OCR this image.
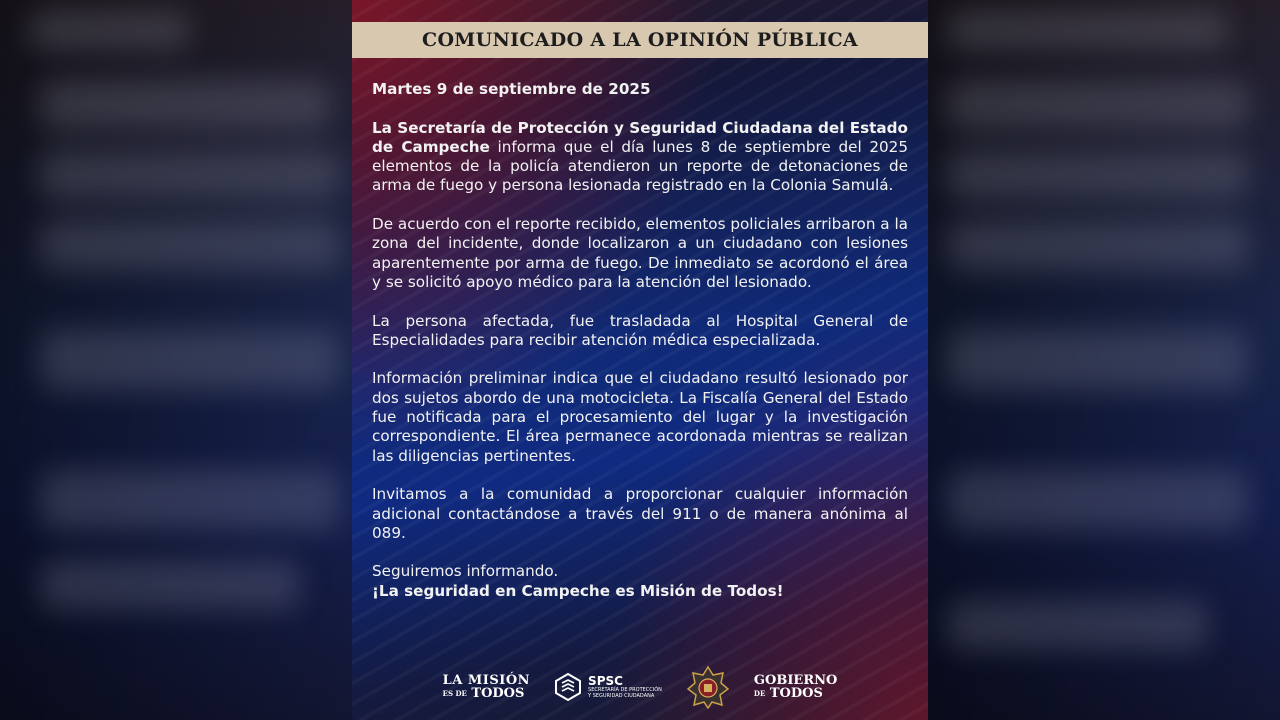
COMUNICADO A LA OPINIÓN PÚBLICA

Martes 9 de septiembre de 2025

La Secretaría de Protección y Seguridad Ciudadana del Estado de Campeche informa que el día lunes 8 de septiembre del 2025 elementos de la policía atendieron un reporte de detonaciones de arma de fuego y persona lesionada registrado en la Colonia Samulá.

De acuerdo con el reporte recibido, elementos policiales arribaron a la zona del incidente, donde localizaron a un ciudadano con lesiones aparentemente por arma de fuego. De inmediato se acordonó el área y se solicitó apoyo médico para la atención del lesionado.

La persona afectada, fue trasladada al Hospital General de Especialidades para recibir atención médica especializada.

Información preliminar indica que el ciudadano resultó lesionado por dos sujetos abordo de una motocicleta. La Fiscalía General del Estado fue notificada para el procesamiento del lugar y la investigación correspondiente. El área permanece acordonada mientras se realizan las diligencias pertinentes.

Invitamos a la comunidad a proporcionar cualquier información adicional contactándose a través del 911 o de manera anónima al 089.

Seguiremos informando.

¡La seguridad en Campeche es Misión de Todos!

LA MISIÓN
ES DE TODOS
SPSC
SECRETARÍA DE PROTECCIÓN
Y SEGURIDAD CIUDADANA
GOBIERNO
DE TODOS
